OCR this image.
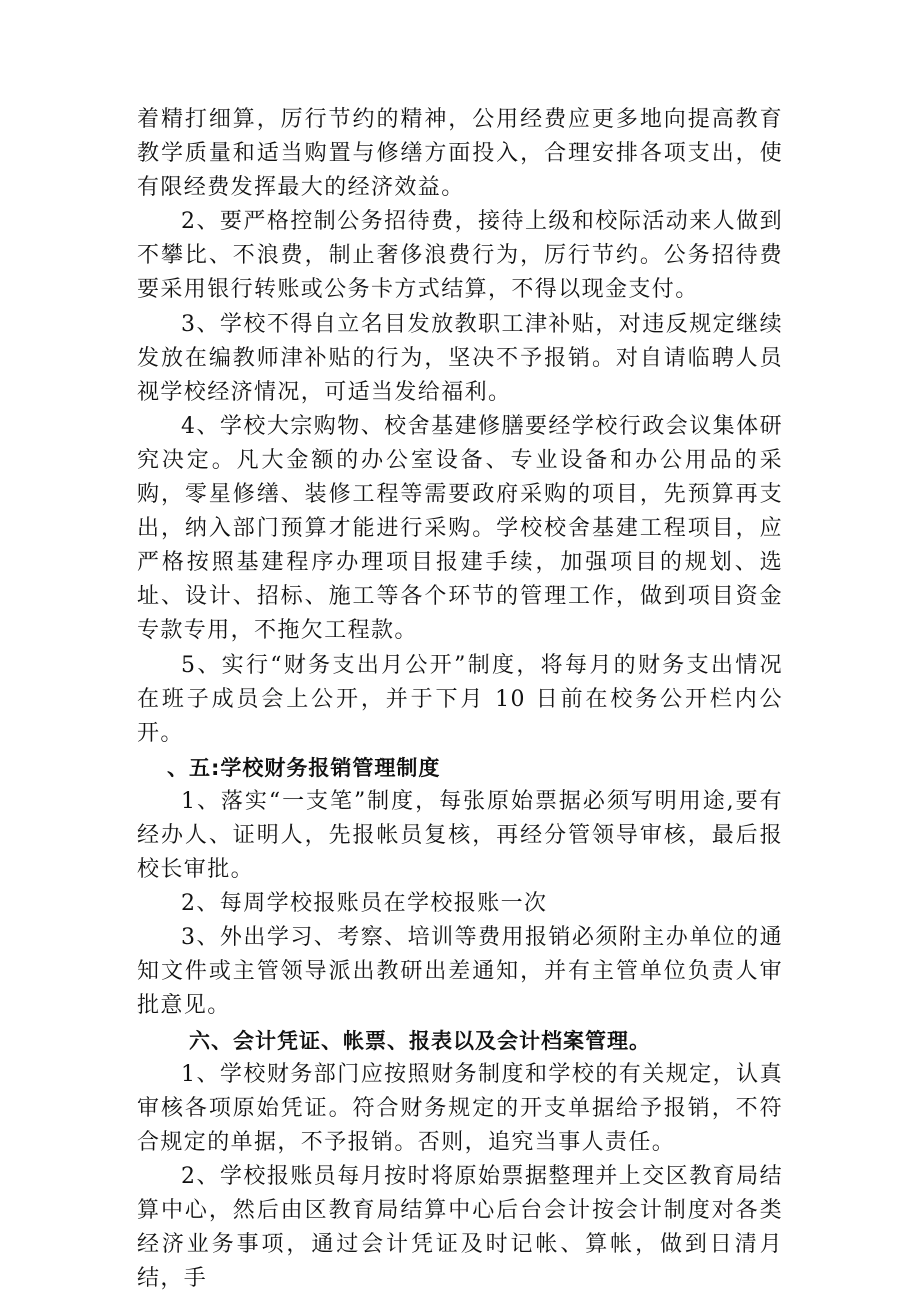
着精打细算，厉行节约的精神，公用经费应更多地向提高教育教学质量和适当购置与修缮方面投入，合理安排各项支出，使有限经费发挥最大的经济效益。

2、要严格控制公务招待费，接待上级和校际活动来人做到不攀比、不浪费，制止奢侈浪费行为，厉行节约。公务招待费要采用银行转账或公务卡方式结算，不得以现金支付。

3、学校不得自立名目发放教职工津补贴，对违反规定继续发放在编教师津补贴的行为，坚决不予报销。对自请临聘人员视学校经济情况，可适当发给福利。

4、学校大宗购物、校舍基建修膳要经学校行政会议集体研究决定。凡大金额的办公室设备、专业设备和办公用品的采购，零星修缮、装修工程等需要政府采购的项目，先预算再支出，纳入部门预算才能进行采购。学校校舍基建工程项目，应严格按照基建程序办理项目报建手续，加强项目的规划、选址、设计、招标、施工等各个环节的管理工作，做到项目资金专款专用，不拖欠工程款。

5、实行“财务支出月公开”制度，将每月的财务支出情况在班子成员会上公开，并于下月 10 日前在校务公开栏内公开。

、五:学校财务报销管理制度

1、落实“一支笔”制度，每张原始票据必须写明用途,要有经办人、证明人，先报帐员复核，再经分管领导审核，最后报校长审批。

2、每周学校报账员在学校报账一次

3、外出学习、考察、培训等费用报销必须附主办单位的通知文件或主管领导派出教研出差通知，并有主管单位负责人审批意见。

六、会计凭证、帐票、报表以及会计档案管理。

1、学校财务部门应按照财务制度和学校的有关规定，认真审核各项原始凭证。符合财务规定的开支单据给予报销，不符合规定的单据，不予报销。否则，追究当事人责任。

2、学校报账员每月按时将原始票据整理并上交区教育局结算中心，然后由区教育局结算中心后台会计按会计制度对各类经济业务事项，通过会计凭证及时记帐、算帐，做到日清月结，手
